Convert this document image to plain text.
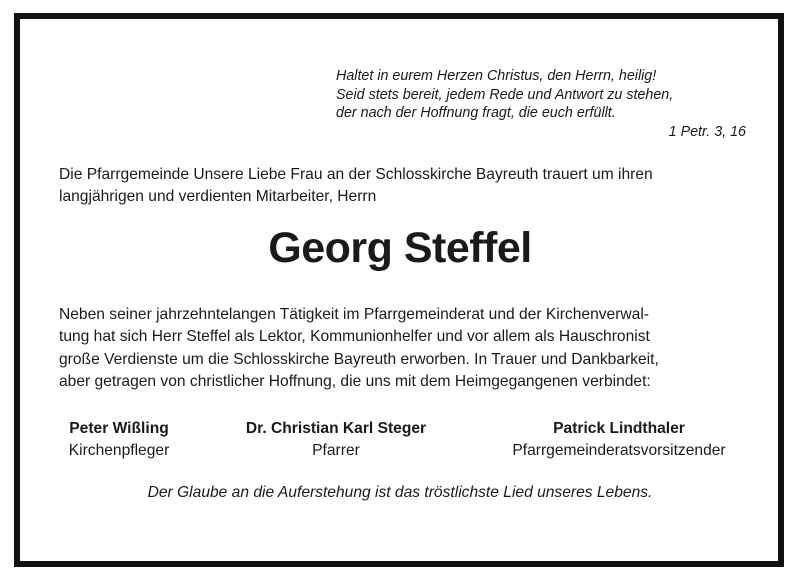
Haltet in eurem Herzen Christus, den Herrn, heilig!
Seid stets bereit, jedem Rede und Antwort zu stehen,
der nach der Hoffnung fragt, die euch erfüllt.
1 Petr. 3, 16
Die Pfarrgemeinde Unsere Liebe Frau an der Schlosskirche Bayreuth trauert um ihren
langjährigen und verdienten Mitarbeiter, Herrn
Georg Steffel
Neben seiner jahrzehntelangen Tätigkeit im Pfarrgemeinderat und der Kirchenverwal-
tung hat sich Herr Steffel als Lektor, Kommunionhelfer und vor allem als Hauschronist
große Verdienste um die Schlosskirche Bayreuth erworben. In Trauer und Dankbarkeit,
aber getragen von christlicher Hoffnung, die uns mit dem Heimgegangenen verbindet:
Peter Wißling
Kirchenpfleger
Dr. Christian Karl Steger
Pfarrer
Patrick Lindthaler
Pfarrgemeinderatsvorsitzender
Der Glaube an die Auferstehung ist das tröstlichste Lied unseres Lebens.
